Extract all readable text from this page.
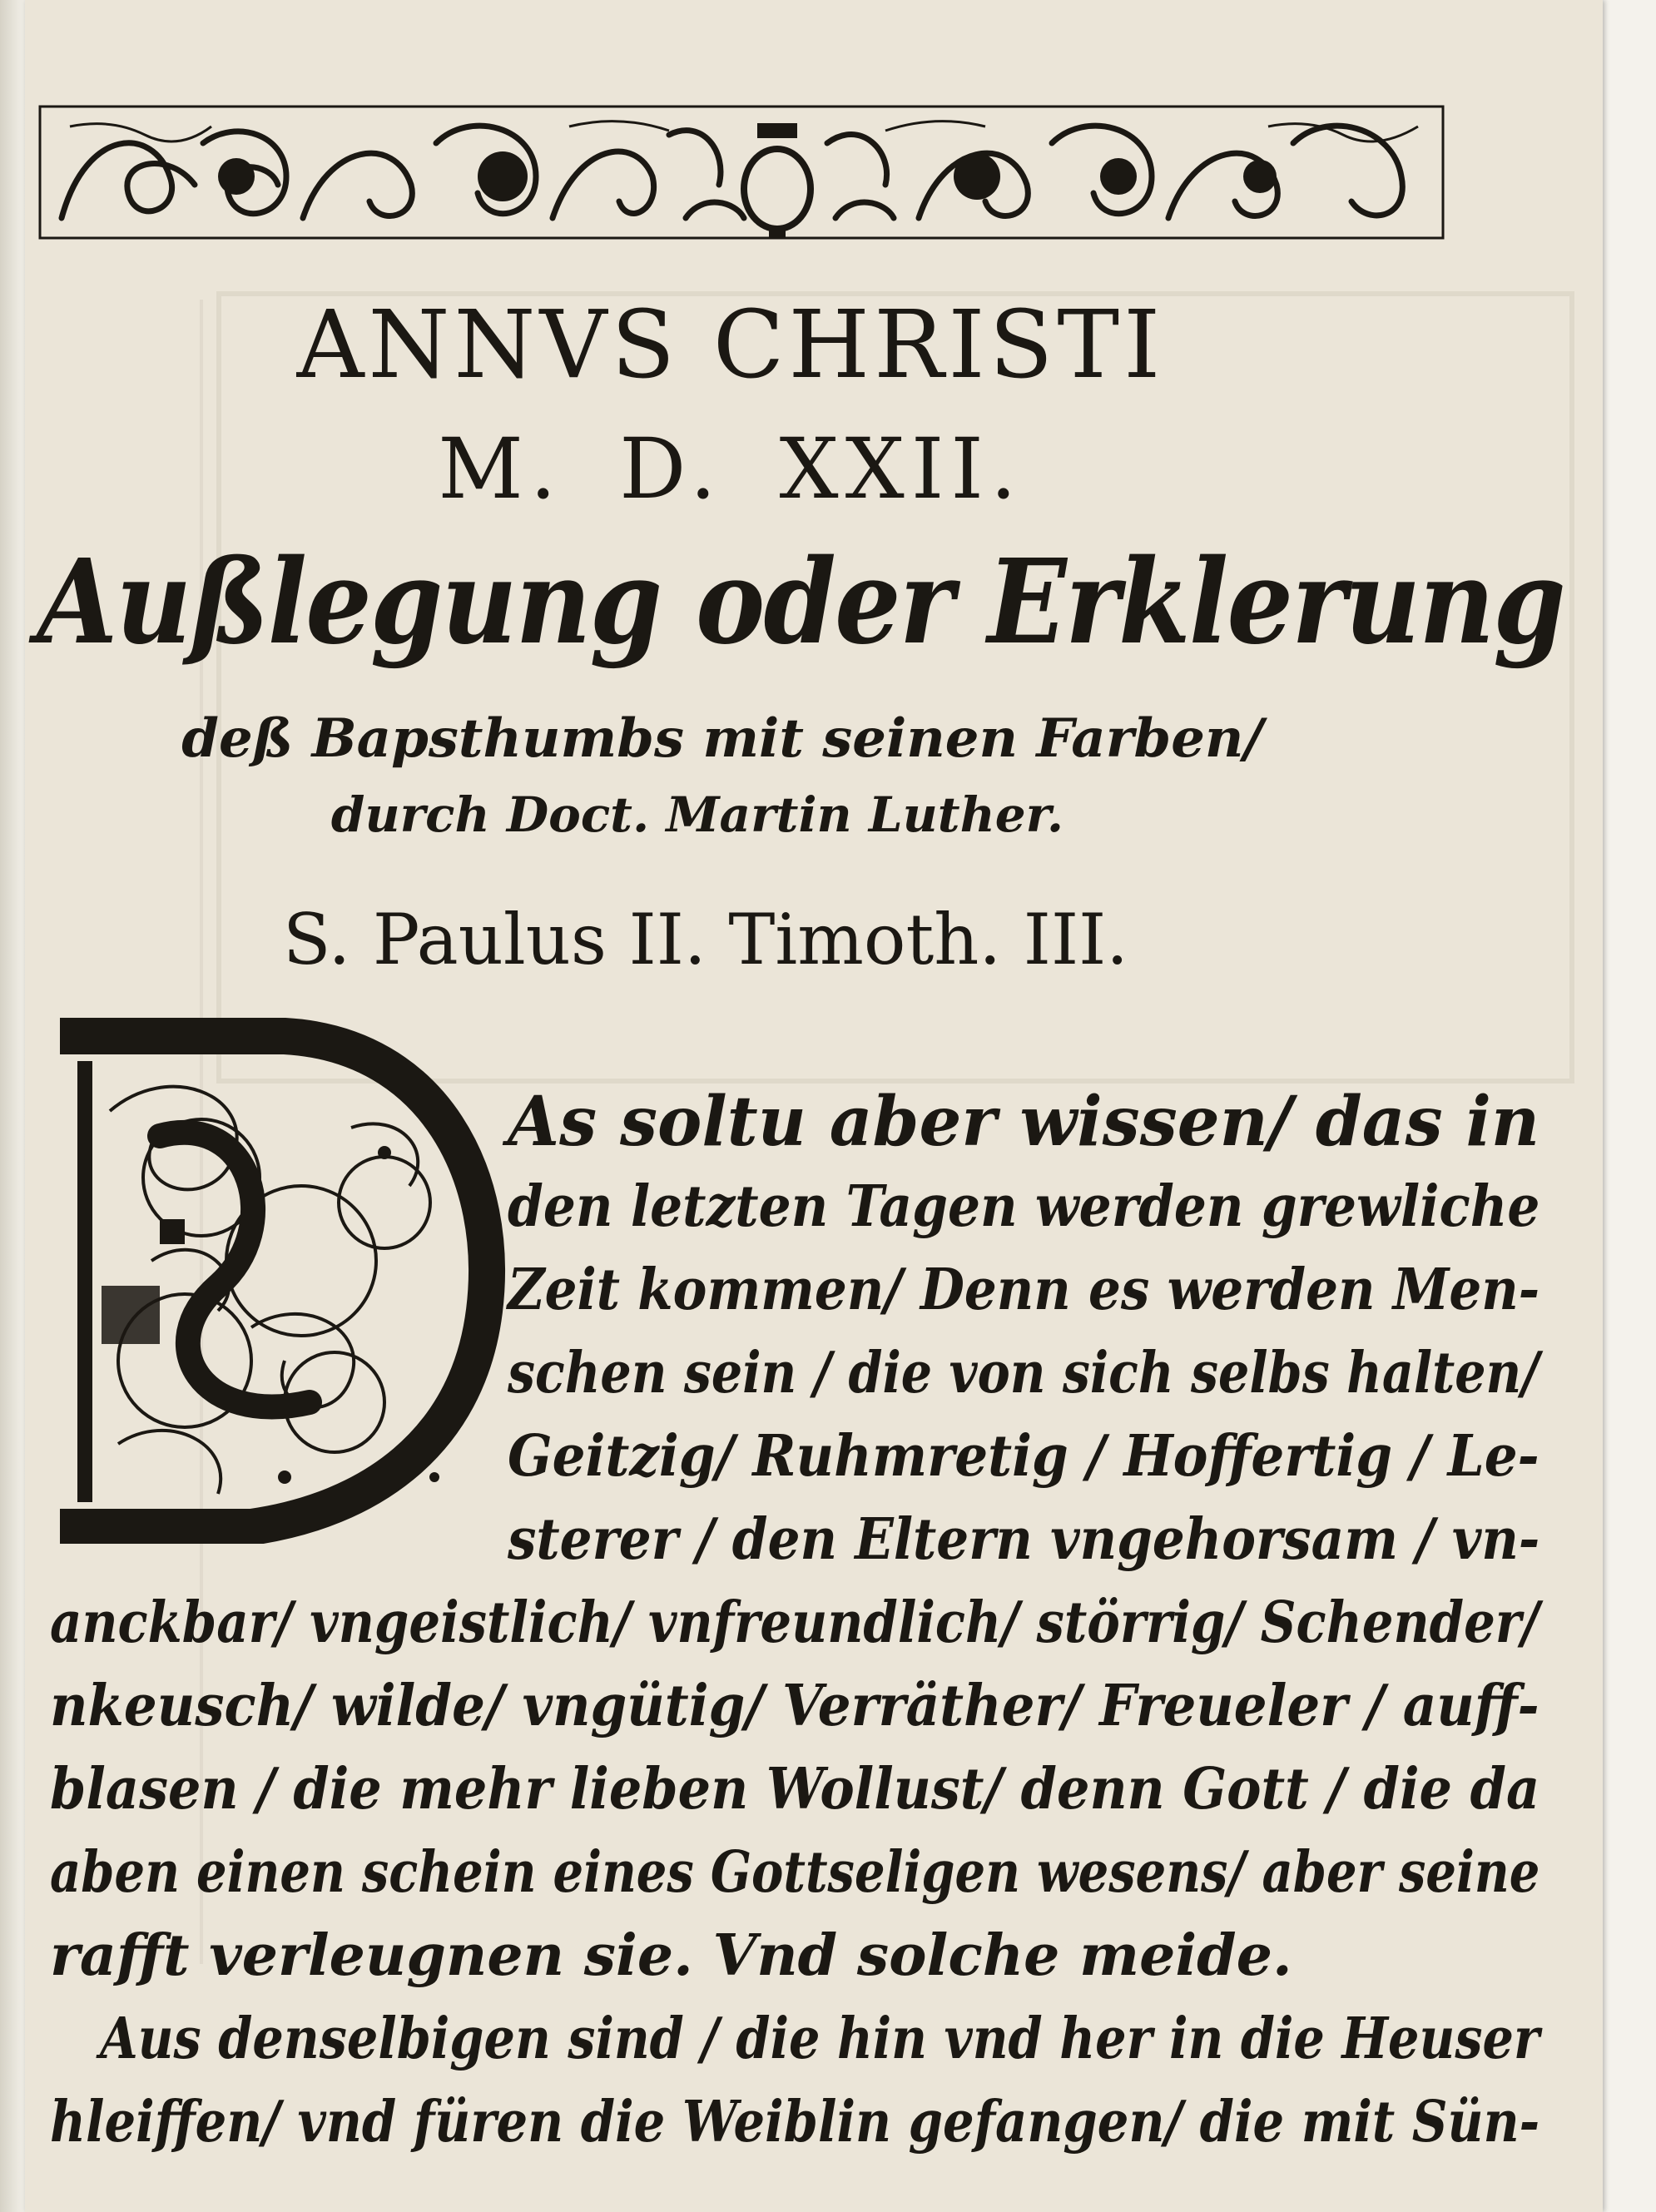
ANNVS CHRISTI
M. D. XXII.
Außlegung oder Erklerung
deß Bapsthumbs mit seinen Farben/
durch Doct. Martin Luther.
S. Paulus II. Timoth. III.
As soltu aber wissen/ das in
den letzten Tagen werden grewliche
Zeit kommen/ Denn es werden Men-
schen sein / die von sich selbs halten/
Geitzig/ Ruhmretig / Hoffertig / Le-
sterer / den Eltern vngehorsam / vn-
anckbar/ vngeistlich/ vnfreundlich/ störrig/ Schender/
nkeusch/ wilde/ vngütig/ Verräther/ Freueler / auff-
blasen / die mehr lieben Wollust/ denn Gott / die da
aben einen schein eines Gottseligen wesens/ aber seine
rafft verleugnen sie. Vnd solche meide.
Aus denselbigen sind / die hin vnd her in die Heuser
hleiffen/ vnd füren die Weiblin gefangen/ die mit Sün-
